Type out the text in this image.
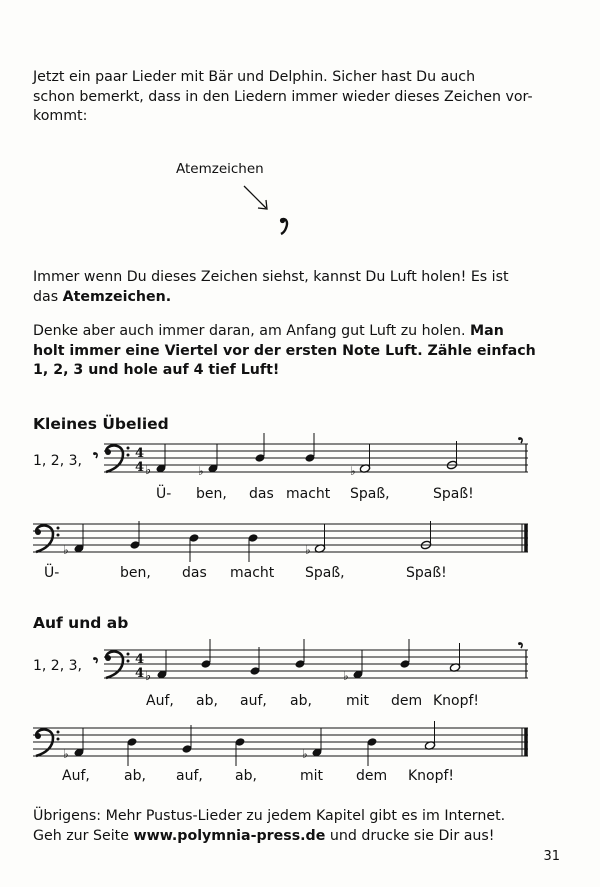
Jetzt ein paar Lieder mit Bär und Delphin. Sicher hast Du auch
schon bemerkt, dass in den Liedern immer wieder dieses Zeichen vor-
kommt:
Atemzeichen
Immer wenn Du dieses Zeichen siehst, kannst Du Luft holen! Es ist
das Atemzeichen.
Denke aber auch immer daran, am Anfang gut Luft zu holen. Man
holt immer eine Viertel vor der ersten Note Luft. Zähle einfach
1, 2, 3 und hole auf 4 tief Luft!
Kleines Übelied
1, 2, 3,	4
4 ♭	♭	♭
♭	♭
Ü- ben, das macht Spaß,	Spaß!
Ü-	ben, das macht Spaß,	Spaß!
Auf und ab
1, 2, 3,	4
4 ♭	♭
♭	♭
Auf, ab, auf, ab, mit dem Knopf!
Auf, ab, auf, ab,	mit dem Knopf!
Übrigens: Mehr Pustus-Lieder zu jedem Kapitel gibt es im Internet.
Geh zur Seite www.polymnia-press.de und drucke sie Dir aus!
31
